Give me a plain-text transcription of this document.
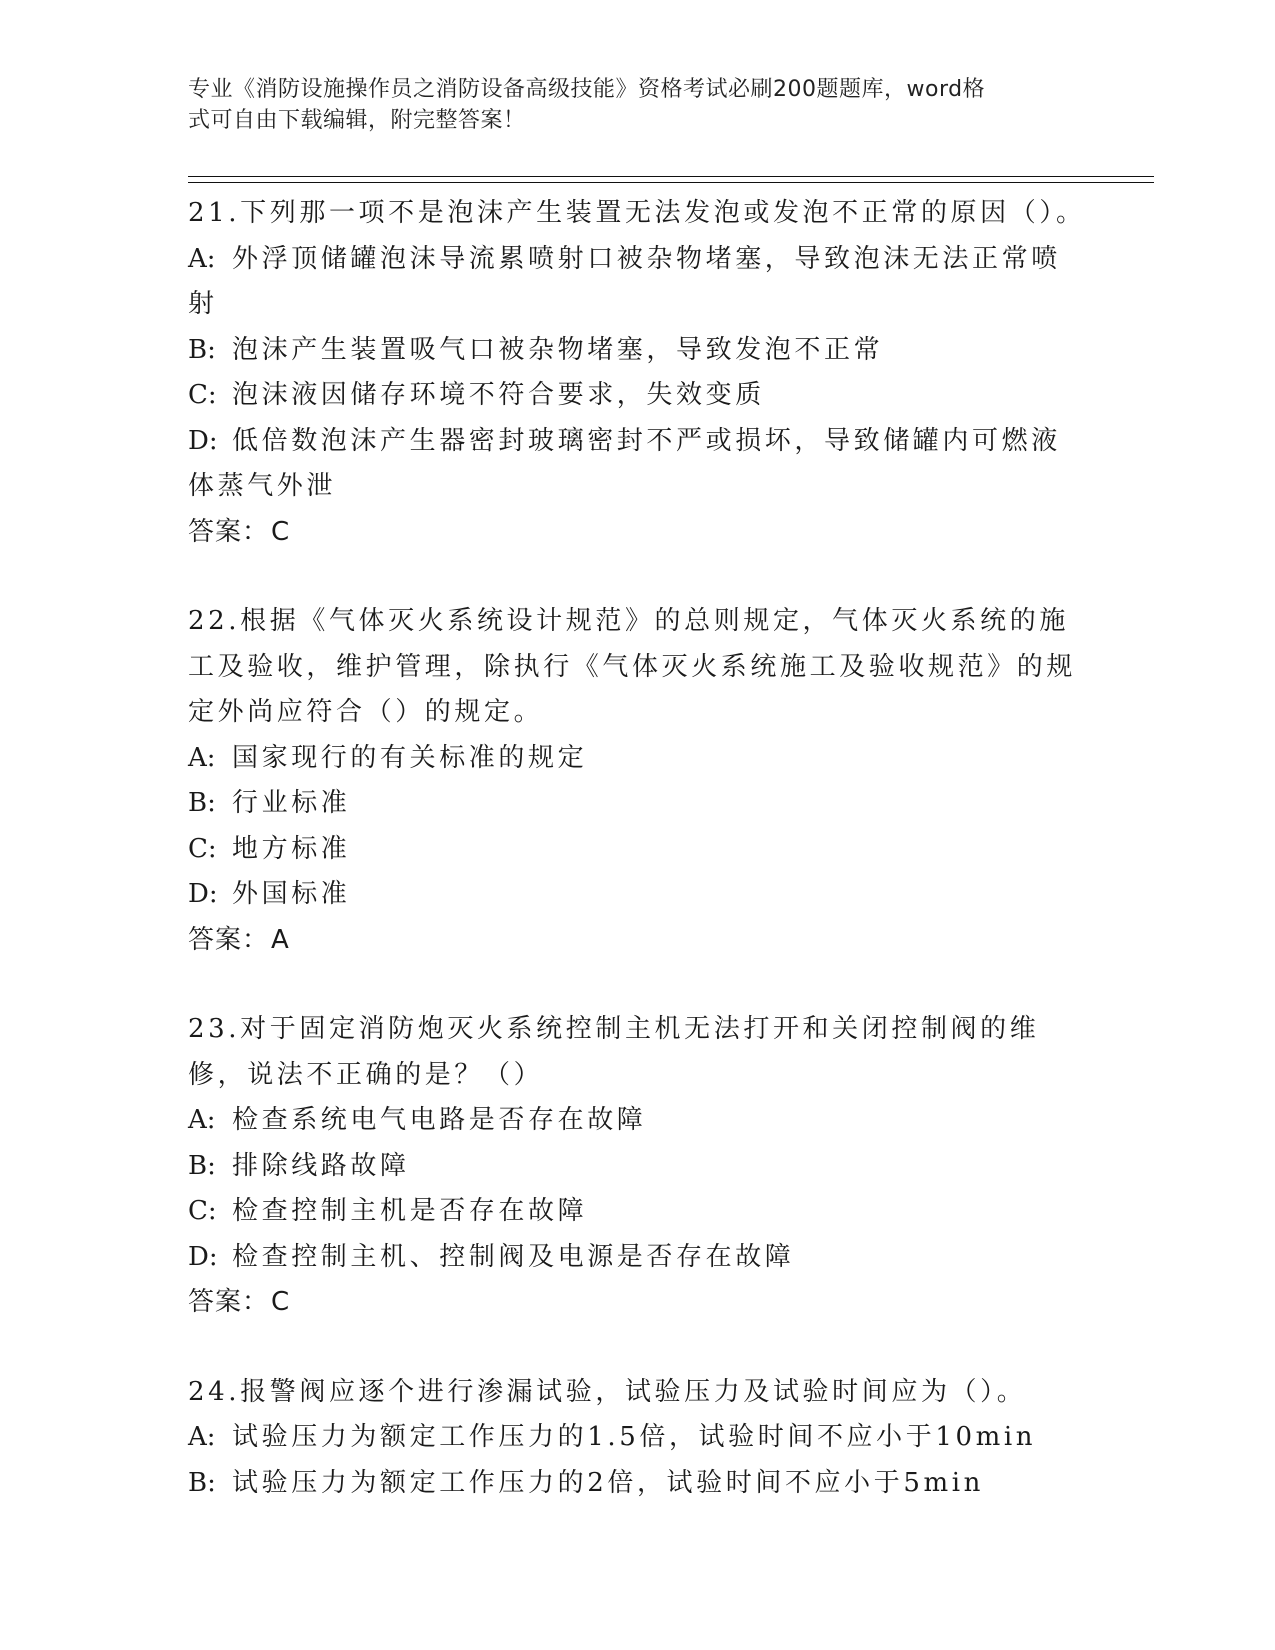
专业《消防设施操作员之消防设备高级技能》资格考试必刷200题题库，word格
式可自由下载编辑，附完整答案！

21.下列那一项不是泡沫产生装置无法发泡或发泡不正常的原因（）。

A: 外浮顶储罐泡沫导流累喷射口被杂物堵塞，导致泡沫无法正常喷射

B: 泡沫产生装置吸气口被杂物堵塞，导致发泡不正常

C: 泡沫液因储存环境不符合要求，失效变质

D: 低倍数泡沫产生器密封玻璃密封不严或损坏，导致储罐内可燃液体蒸气外泄

答案：C

22.根据《气体灭火系统设计规范》的总则规定，气体灭火系统的施工及验收，维护管理，除执行《气体灭火系统施工及验收规范》的规定外尚应符合（）的规定。

A: 国家现行的有关标准的规定

B: 行业标准

C: 地方标准

D: 外国标准

答案：A

23.对于固定消防炮灭火系统控制主机无法打开和关闭控制阀的维修，说法不正确的是？（）

A: 检查系统电气电路是否存在故障

B: 排除线路故障

C: 检查控制主机是否存在故障

D: 检查控制主机、控制阀及电源是否存在故障

答案：C

24.报警阀应逐个进行渗漏试验，试验压力及试验时间应为（）。

A: 试验压力为额定工作压力的1.5倍，试验时间不应小于10min

B: 试验压力为额定工作压力的2倍，试验时间不应小于5min
